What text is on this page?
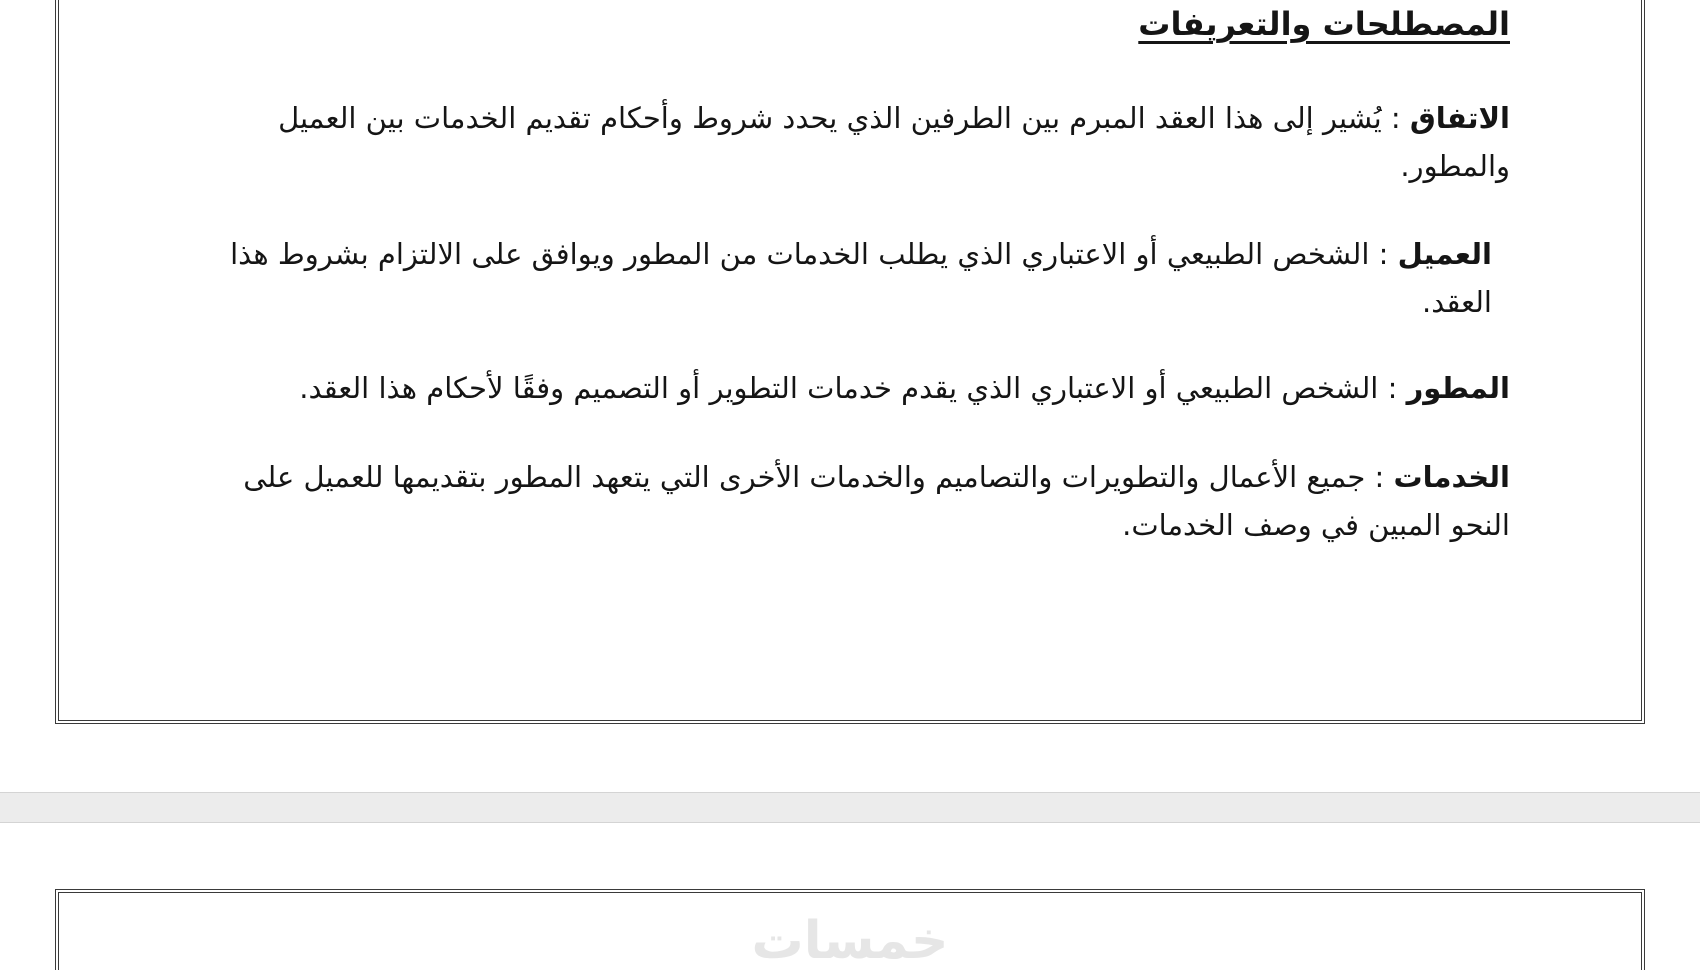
المصطلحات والتعريفات

الاتفاق : يُشير إلى هذا العقد المبرم بين الطرفين الذي يحدد شروط وأحكام تقديم الخدمات بين العميل والمطور.

العميل : الشخص الطبيعي أو الاعتباري الذي يطلب الخدمات من المطور ويوافق على الالتزام بشروط هذا العقد.

المطور : الشخص الطبيعي أو الاعتباري الذي يقدم خدمات التطوير أو التصميم وفقًا لأحكام هذا العقد.

الخدمات : جميع الأعمال والتطويرات والتصاميم والخدمات الأخرى التي يتعهد المطور بتقديمها للعميل على النحو المبين في وصف الخدمات.

خمسات
